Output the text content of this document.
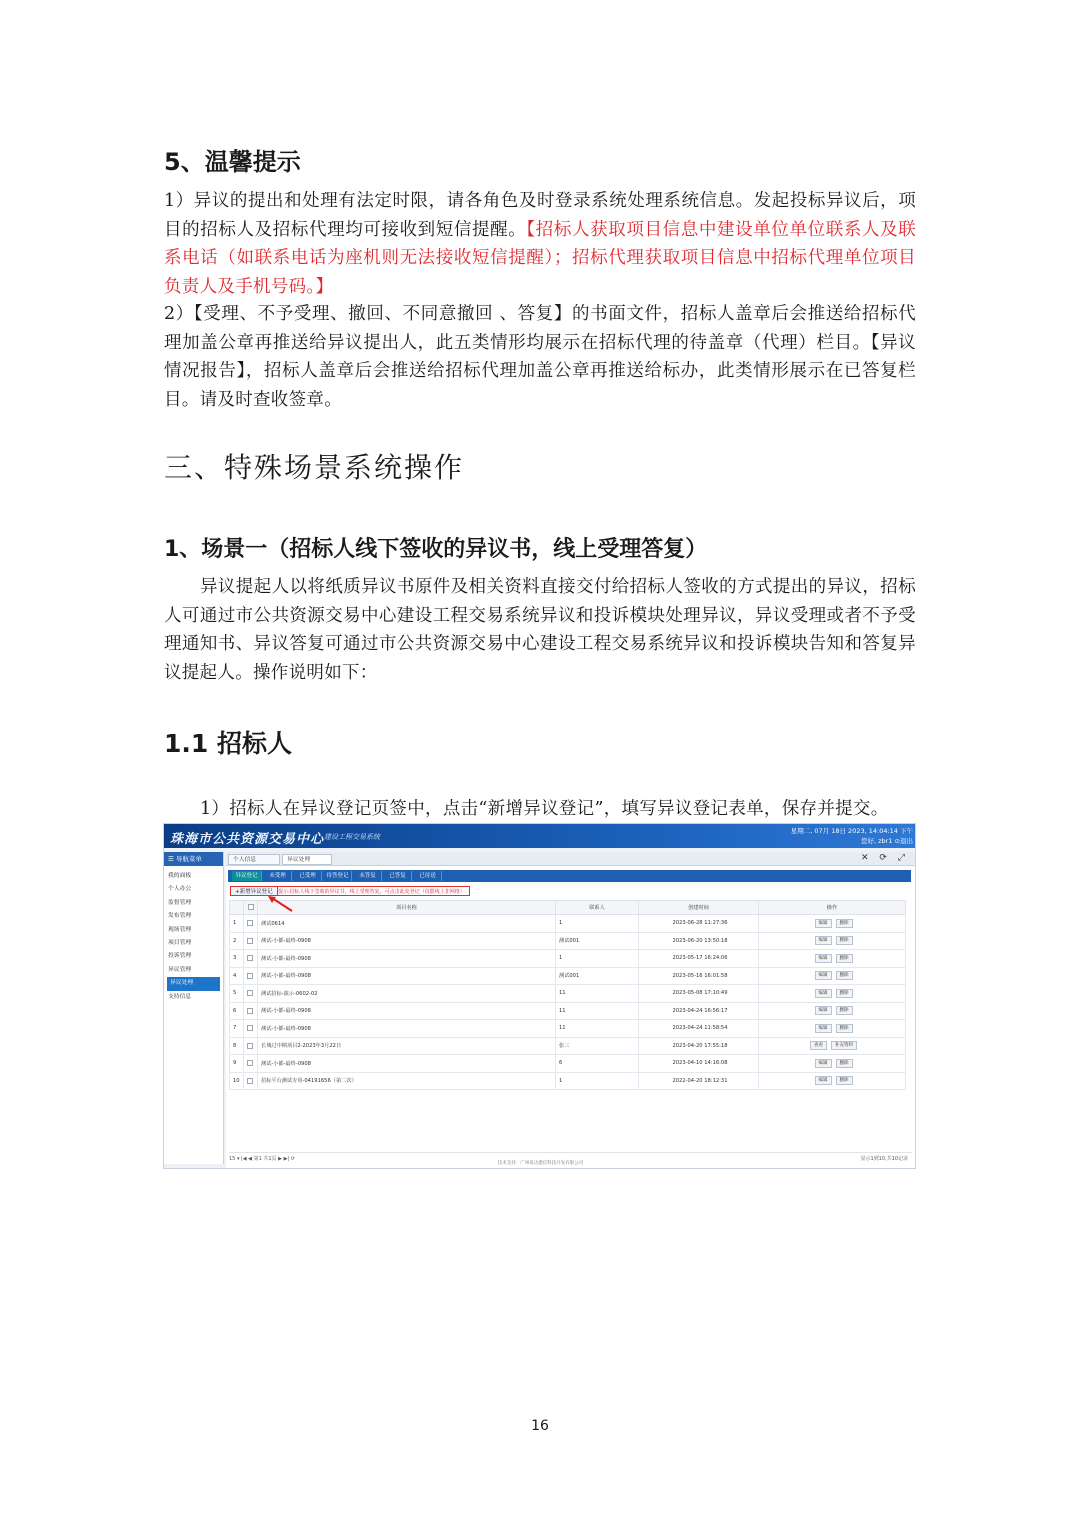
5、温馨提示
1）异议的提出和处理有法定时限，请各角色及时登录系统处理系统信息。发起投标异议后，项目的招标人及招标代理均可接收到短信提醒。【招标人获取项目信息中建设单位单位联系人及联系电话（如联系电话为座机则无法接收短信提醒）；招标代理获取项目信息中招标代理单位项目负责人及手机号码。】
2）【受理、不予受理、撤回、不同意撤回 、答复】的书面文件，招标人盖章后会推送给招标代理加盖公章再推送给异议提出人，此五类情形均展示在招标代理的待盖章（代理）栏目。【异议情况报告】，招标人盖章后会推送给招标代理加盖公章再推送给标办，此类情形展示在已答复栏目。请及时查收签章。
三、特殊场景系统操作
1、场景一（招标人线下签收的异议书，线上受理答复）
异议提起人以将纸质异议书原件及相关资料直接交付给招标人签收的方式提出的异议，招标人可通过市公共资源交易中心建设工程交易系统异议和投诉模块处理异议，异议受理或者不予受理通知书、异议答复可通过市公共资源交易中心建设工程交易系统异议和投诉模块告知和答复异议提起人。操作说明如下：
1.1 招标人
1）招标人在异议登记页签中，点击“新增异议登记”，填写异议登记表单，保存并提交。
珠海市公共资源交易中心 建设工程交易系统
星期二, 07月 18日 2023, 14:04:14 下午
您好, zbr1 ⊙退出
☰ 导航菜单
我的面板
个人办公
监督管理
发布管理
现场管理
项目管理
投诉管理
异议管理
异议处理
支持信息
个人信息	异议处理	✕ ⟳ ⤢
异议登记	未受理	已受理	待答登记	未答复	已答复	已待送
+新增异议登记	提示:招标人线下签收的异议书，线上受理答复，可点击此处登记（仅限线上非网络）
		项目名称	联系人	创建时间	操作
1		测试0614	1	2023-06-28 11:27:36	编辑 删除
2		测试-小都-最终-0908	测试001	2023-06-20 13:50:18	编辑 删除
3		测试-小都-最终-0908	1	2023-05-17 16:24:06	编辑 删除
4		测试-小都-最终-0908	测试001	2023-05-16 16:01:58	编辑 删除
5		测试招标-演示-0602-02	11	2023-05-08 17:10:49	编辑 删除
6		测试-小都-最终-0908	11	2023-04-24 16:56:17	编辑 删除
7		测试-小都-最终-0908	11	2023-04-24 11:58:54	编辑 删除
8		长城过中期项目2-2023年3月22日	张三	2023-04-20 17:55:18	查看 补充资料
9		测试-小都-最终-0908	6	2023-04-10 14:16:08	编辑 删除
10		招标平台测试专用-04191656（第二次）	1	2022-04-20 18:12:31	编辑 删除
15 ▾ |◀ ◀ 第1 共1页 ▶ ▶| ⟳	显示1到10,共10记录
技术支持：广州易达建信科技开发有限公司
16
